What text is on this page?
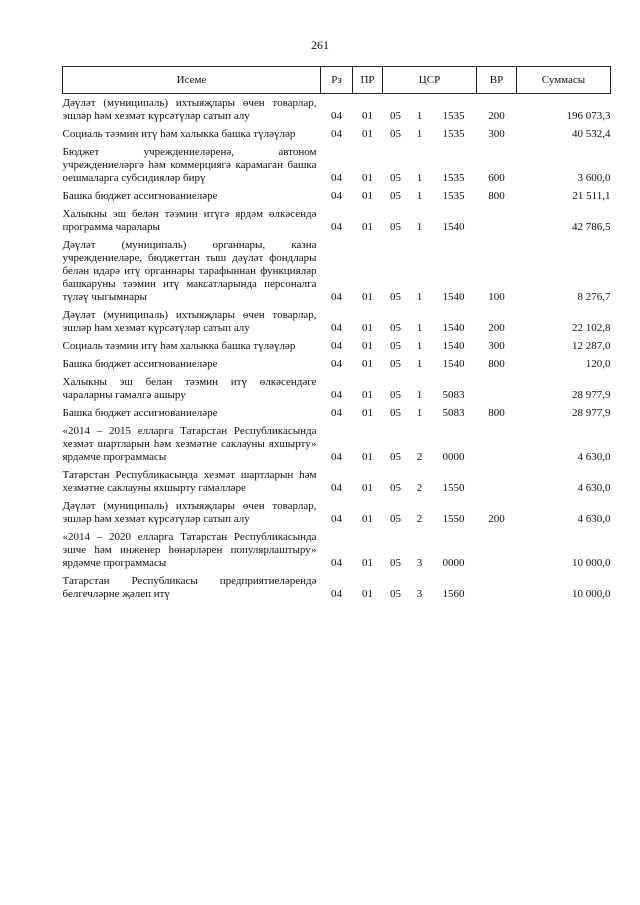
261
Исеме	Рз	ПР	ЦСР			ВР	Суммасы
Дәүләт (муниципаль) ихтыяҗлары өчен товарлар, эшләр һәм хезмәт күрсәтүләр сатып алу	04	01	05	1	1535	200	196 073,3
Социаль тәэмин итү һәм халыкка башка түләүләр	04	01	05	1	1535	300	40 532,4
Бюджет учреждениеләренә, автоном учреждениеләргә һәм коммерциягә карамаган башка оешмаларга субсидияләр бирү	04	01	05	1	1535	600	3 600,0
Башка бюджет ассигнованиеләре	04	01	05	1	1535	800	21 511,1
Халыкны эш белән тәэмин итүгә ярдәм өлкәсендә программа чаралары	04	01	05	1	1540		42 786,5
Дәүләт (муниципаль) органнары, казна учреждениеләре, бюджеттан тыш дәүләт фондлары белән идарә итү органнары тарафыннан функцияләр башкаруны тәэмин итү максатларында персоналга түләү чыгымнары	04	01	05	1	1540	100	8 276,7
Дәүләт (муниципаль) ихтыяҗлары өчен товарлар, эшләр һәм хезмәт күрсәтүләр сатып алу	04	01	05	1	1540	200	22 102,8
Социаль тәэмин итү һәм халыкка башка түләүләр	04	01	05	1	1540	300	12 287,0
Башка бюджет ассигнованиеләре	04	01	05	1	1540	800	120,0
Халыкны эш белән тәэмин итү өлкәсендәге чараларны гамәлгә ашыру	04	01	05	1	5083		28 977,9
Башка бюджет ассигнованиеләре	04	01	05	1	5083	800	28 977,9
«2014 – 2015 елларга Татарстан Республикасында хезмәт шартларын һәм хезмәтне саклауны яхшырту» ярдәмче программасы	04	01	05	2	0000		4 630,0
Татарстан Республикасында хезмәт шартларын һәм хезмәтне саклауны яхшырту гамәлләре	04	01	05	2	1550		4 630,0
Дәүләт (муниципаль) ихтыяҗлары өчен товарлар, эшләр һәм хезмәт күрсәтүләр сатып алу	04	01	05	2	1550	200	4 630,0
«2014 – 2020 елларга Татарстан Республикасында эшче һәм инженер һөнәрләрен популярлаштыру» ярдәмче программасы	04	01	05	3	0000		10 000,0
Татарстан Республикасы предприятиеләрендә белгечләрне җәлеп итү	04	01	05	3	1560		10 000,0
